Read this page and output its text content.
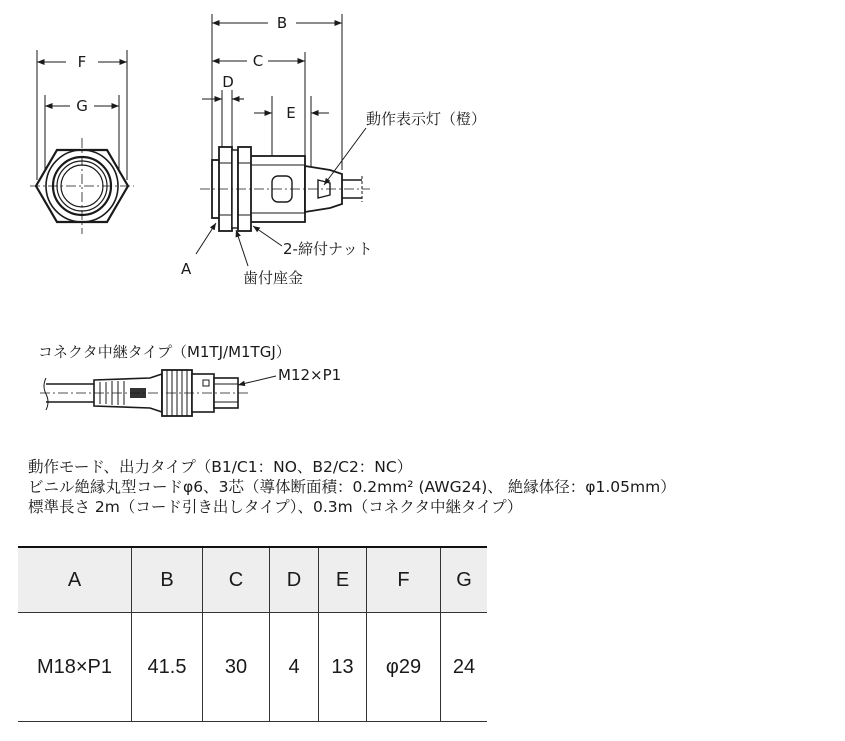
F
G
B
C
D
E	動作表示灯（橙）
A
2-締付ナット
歯付座金
コネクタ中継タイプ（M1TJ/M1TGJ）
M12×P1
動作モード、出力タイプ（B1/C1：NO、B2/C2：NC）
ビニル絶縁丸型コードφ6、3芯（導体断面積：0.2mm² (AWG24)、 絶縁体径：φ1.05mm）
標準長さ 2m（コード引き出しタイプ）、0.3m（コネクタ中継タイプ）
A	B	C	D	E	F	G
M18×P1	41.5	30	4	13	φ29	24
